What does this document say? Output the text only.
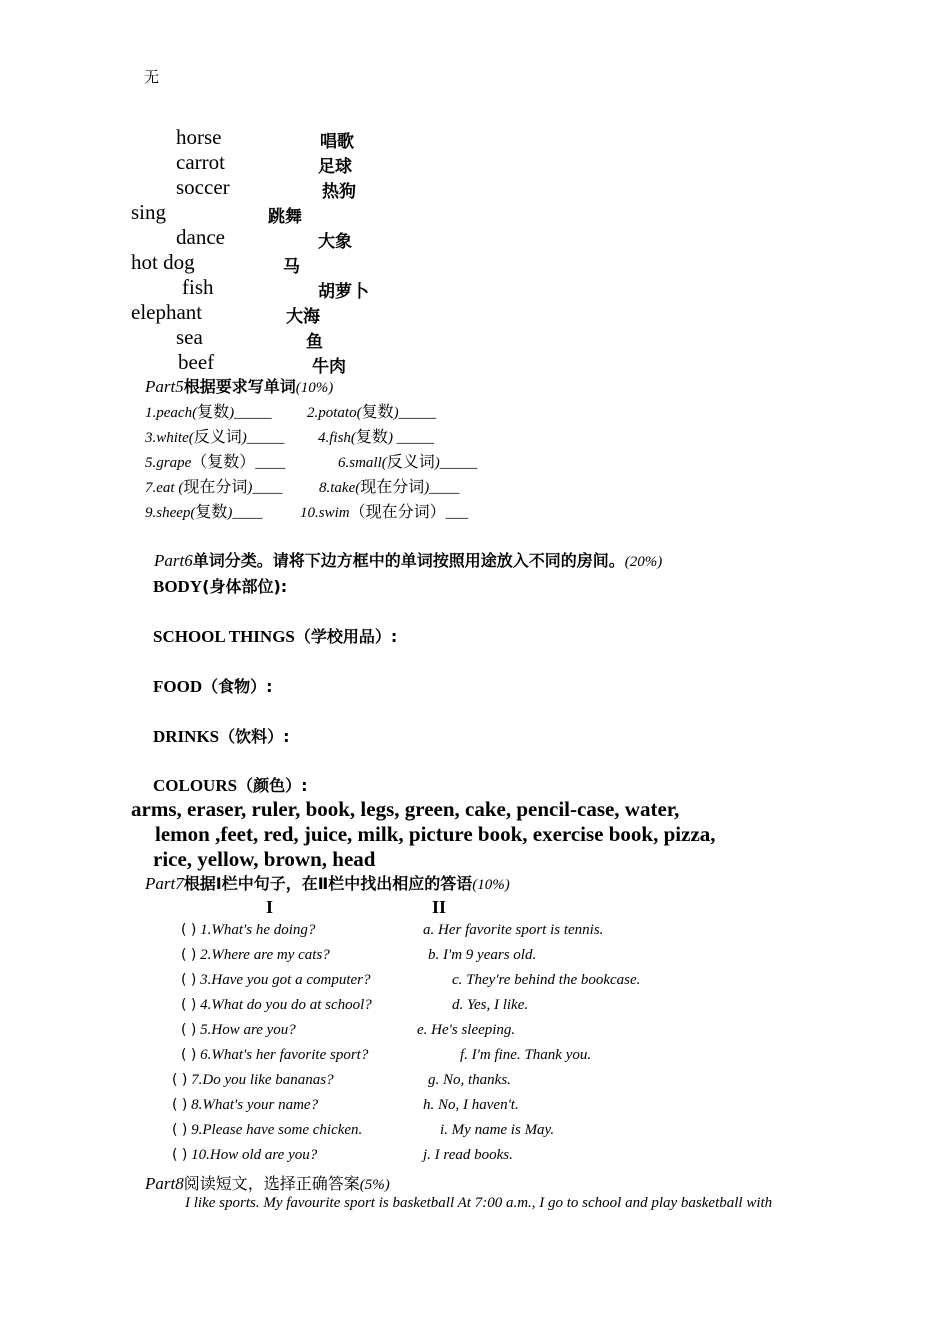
无
horse	唱歌
carrot	足球
soccer	热狗
sing	跳舞
dance	大象
hot dog	马
fish	胡萝卜
elephant	大海
sea	鱼
beef	牛肉
Part5根据要求写单词(10%)
1.peach(复数)_____ 2.potato(复数)_____
3.white(反义词)_____ 4.fish(复数) _____
5.grape（复数）____	6.small(反义词)_____
7.eat (现在分词)____ 8.take(现在分词)____
9.sheep(复数)____	10.swim（现在分词）___
Part6单词分类。请将下边方框中的单词按照用途放入不同的房间。(20%)
BODY(身体部位):
SCHOOL THINGS（学校用品）:
FOOD（食物）:
DRINKS（饮料）:
COLOURS（颜色）:
arms, eraser, ruler, book, legs, green, cake, pencil-case, water,
lemon ,feet, red, juice, milk, picture book, exercise book, pizza,
rice, yellow, brown, head
Part7根据Ⅰ栏中句子，在Ⅱ栏中找出相应的答语(10%)
I	II
( ) 1.What's he doing?	a. Her favorite sport is tennis.
( ) 2.Where are my cats?	b. I'm 9 years old.
( ) 3.Have you got a computer?	c. They're behind the bookcase.
( ) 4.What do you do at school?	d. Yes, I like.
( ) 5.How are you?	e. He's sleeping.
( ) 6.What's her favorite sport?	f. I'm fine. Thank you.
( ) 7.Do you like bananas?	g. No, thanks.
( ) 8.What's your name?	h. No, I haven't.
( ) 9.Please have some chicken.	i. My name is May.
( ) 10.How old are you?	j. I read books.
Part8阅读短文，选择正确答案(5%)
I like sports. My favourite sport is basketball At 7:00 a.m., I go to school and play basketball with
